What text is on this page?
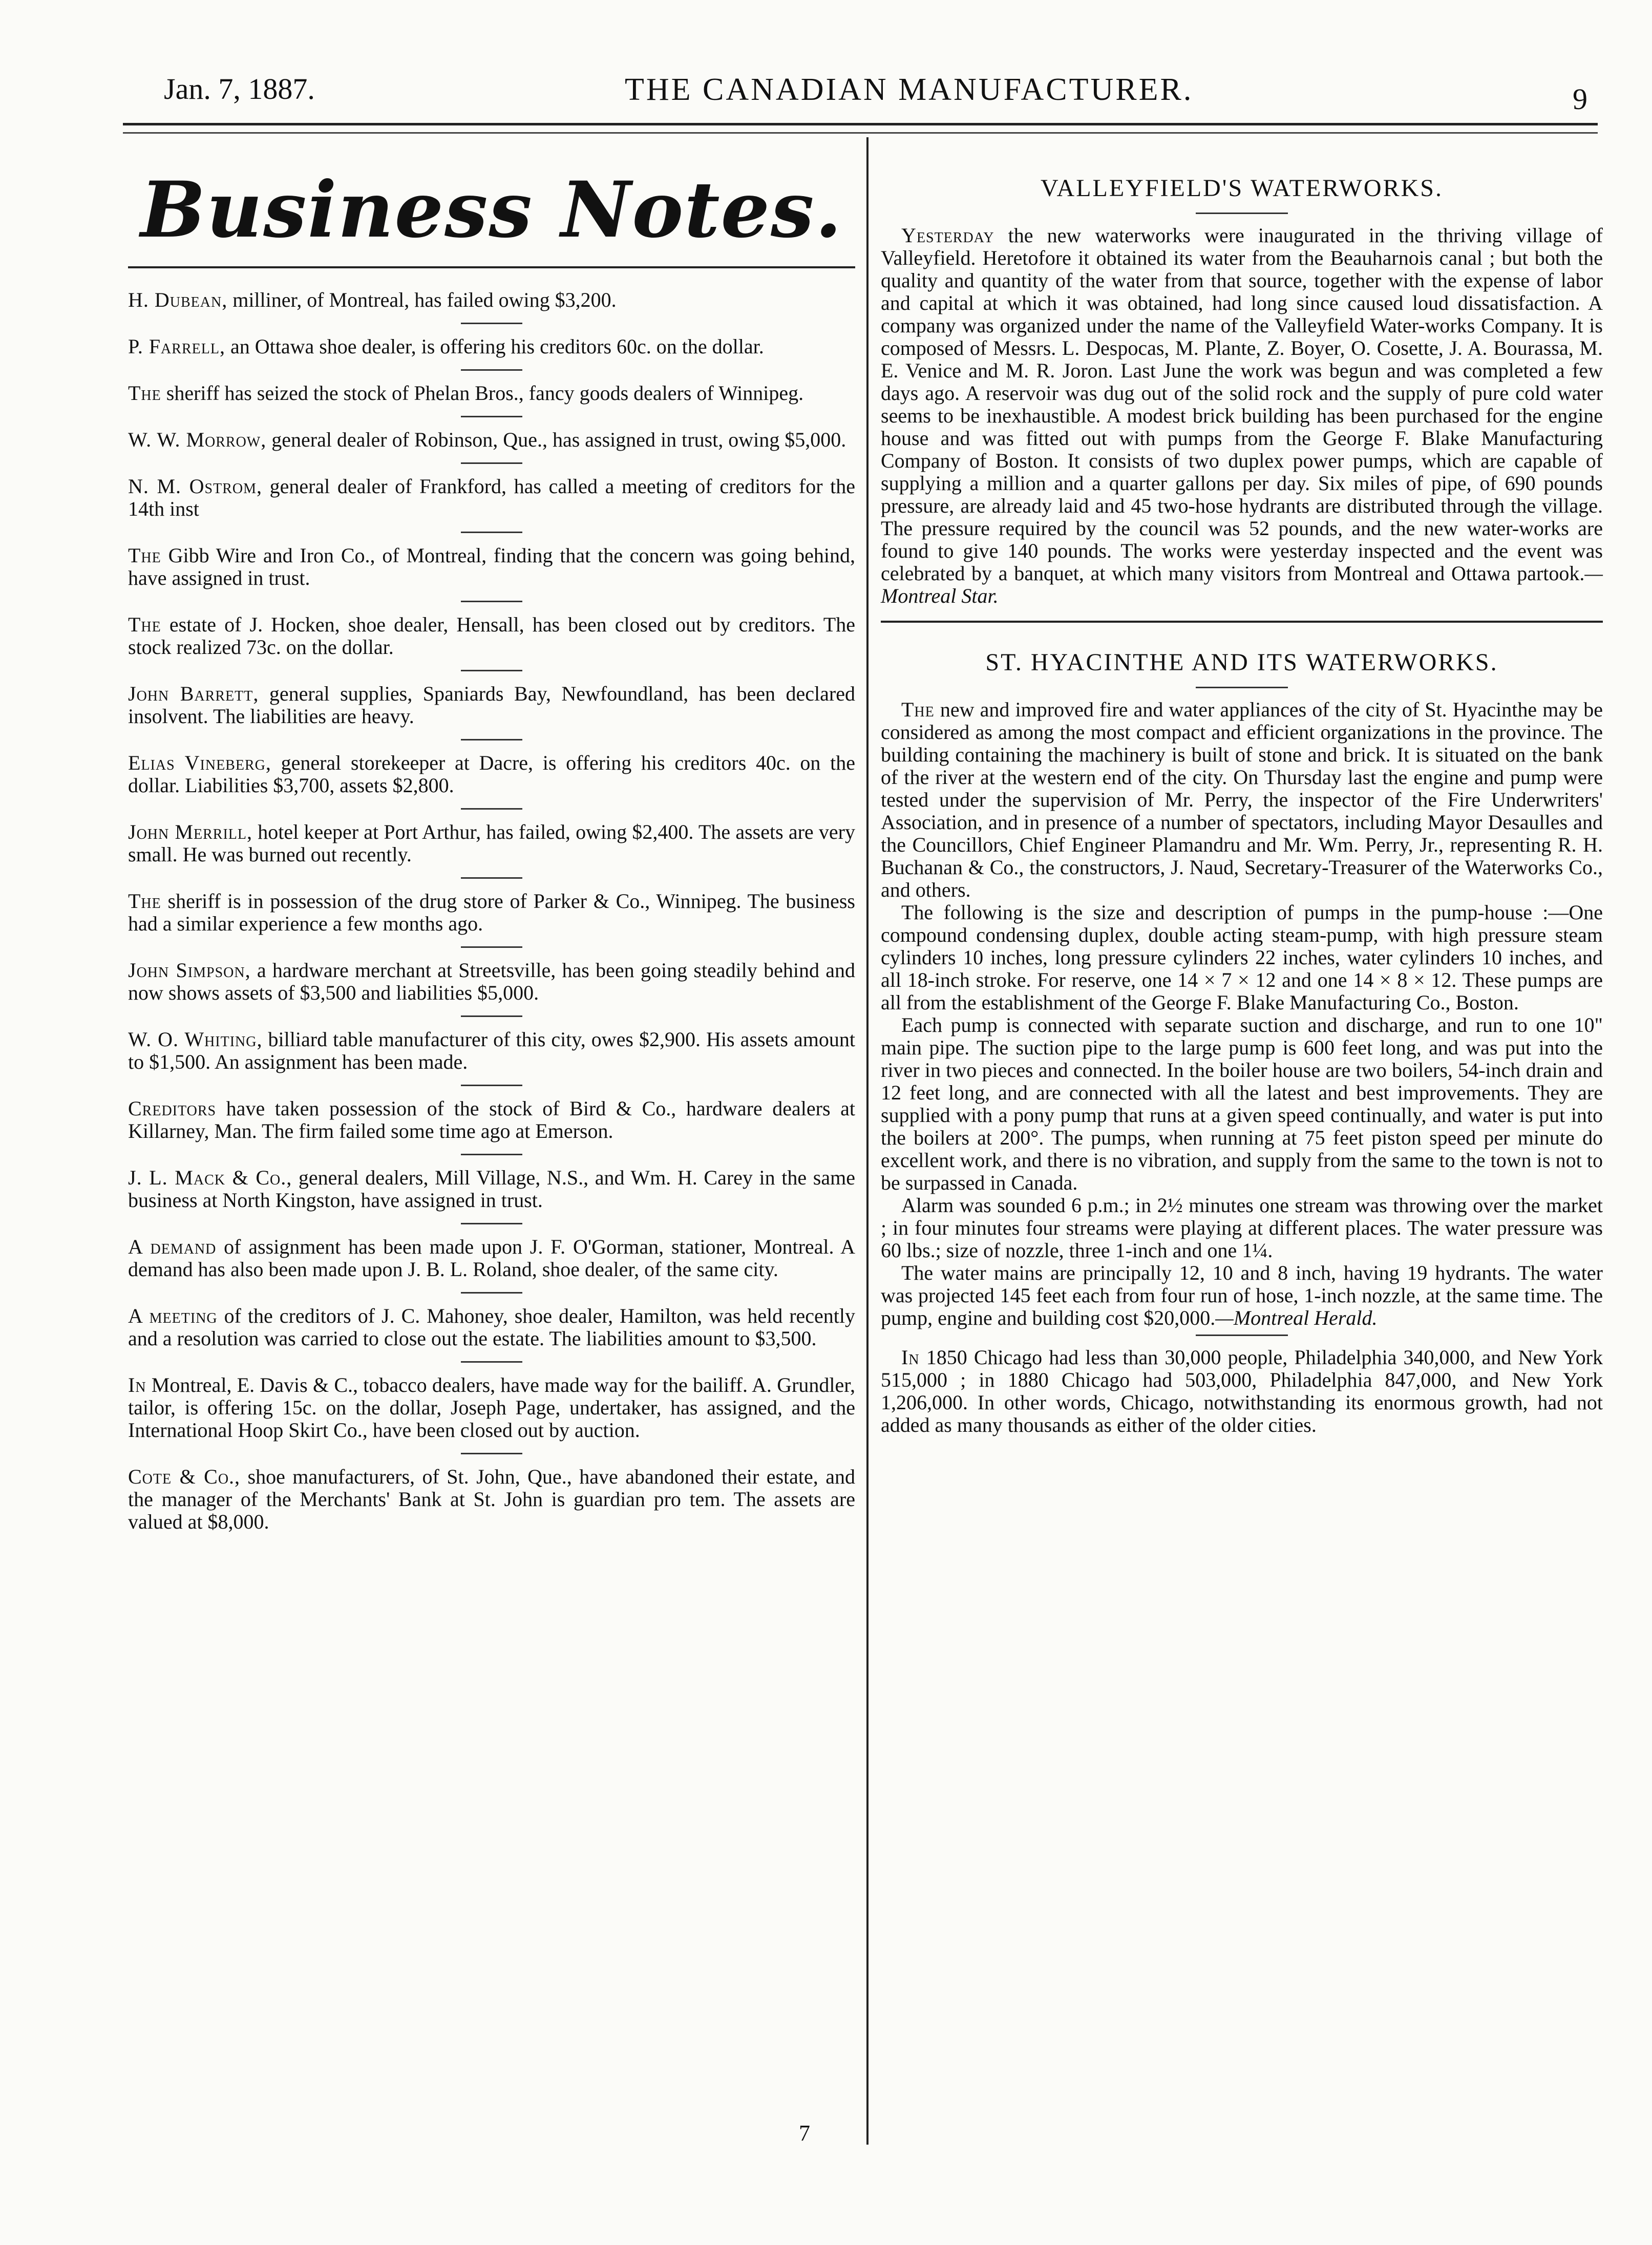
Jan. 7, 1887.	THE CANADIAN MANUFACTURER.	9
Business Notes.

H. Dubean, milliner, of Montreal, has failed owing $3,200.

P. Farrell, an Ottawa shoe dealer, is offering his creditors 60c. on the dollar.

The sheriff has seized the stock of Phelan Bros., fancy goods dealers of Winnipeg.

W. W. Morrow, general dealer of Robinson, Que., has assigned in trust, owing $5,000.

N. M. Ostrom, general dealer of Frankford, has called a meeting of creditors for the 14th inst

The Gibb Wire and Iron Co., of Montreal, finding that the concern was going behind, have assigned in trust.

The estate of J. Hocken, shoe dealer, Hensall, has been closed out by creditors. The stock realized 73c. on the dollar.

John Barrett, general supplies, Spaniards Bay, Newfoundland, has been declared insolvent. The liabilities are heavy.

Elias Vineberg, general storekeeper at Dacre, is offering his creditors 40c. on the dollar. Liabilities $3,700, assets $2,800.

John Merrill, hotel keeper at Port Arthur, has failed, owing $2,400. The assets are very small. He was burned out recently.

The sheriff is in possession of the drug store of Parker & Co., Winnipeg. The business had a similar experience a few months ago.

John Simpson, a hardware merchant at Streetsville, has been going steadily behind and now shows assets of $3,500 and liabilities $5,000.

W. O. Whiting, billiard table manufacturer of this city, owes $2,900. His assets amount to $1,500. An assignment has been made.

Creditors have taken possession of the stock of Bird & Co., hardware dealers at Killarney, Man. The firm failed some time ago at Emerson.

J. L. Mack & Co., general dealers, Mill Village, N.S., and Wm. H. Carey in the same business at North Kingston, have assigned in trust.

A demand of assignment has been made upon J. F. O'Gorman, stationer, Montreal. A demand has also been made upon J. B. L. Roland, shoe dealer, of the same city.

A meeting of the creditors of J. C. Mahoney, shoe dealer, Hamilton, was held recently and a resolution was carried to close out the estate. The liabilities amount to $3,500.

In Montreal, E. Davis & C., tobacco dealers, have made way for the bailiff. A. Grundler, tailor, is offering 15c. on the dollar, Joseph Page, undertaker, has assigned, and the International Hoop Skirt Co., have been closed out by auction.

Cote & Co., shoe manufacturers, of St. John, Que., have abandoned their estate, and the manager of the Merchants' Bank at St. John is guardian pro tem. The assets are valued at $8,000.

VALLEYFIELD'S WATERWORKS.

Yesterday the new waterworks were inaugurated in the thriving village of Valleyfield. Heretofore it obtained its water from the Beauharnois canal ; but both the quality and quantity of the water from that source, together with the expense of labor and capital at which it was obtained, had long since caused loud dissatisfaction. A company was organized under the name of the Valleyfield Water-works Company. It is composed of Messrs. L. Despocas, M. Plante, Z. Boyer, O. Cosette, J. A. Bourassa, M. E. Venice and M. R. Joron. Last June the work was begun and was completed a few days ago. A reservoir was dug out of the solid rock and the supply of pure cold water seems to be inexhaustible. A modest brick building has been purchased for the engine house and was fitted out with pumps from the George F. Blake Manufacturing Company of Boston. It consists of two duplex power pumps, which are capable of supplying a million and a quarter gallons per day. Six miles of pipe, of 690 pounds pressure, are already laid and 45 two-hose hydrants are distributed through the village. The pressure required by the council was 52 pounds, and the new water-works are found to give 140 pounds. The works were yesterday inspected and the event was celebrated by a banquet, at which many visitors from Montreal and Ottawa partook.—Montreal Star.

ST. HYACINTHE AND ITS WATERWORKS.

The new and improved fire and water appliances of the city of St. Hyacinthe may be considered as among the most compact and efficient organizations in the province. The building containing the machinery is built of stone and brick. It is situated on the bank of the river at the western end of the city. On Thursday last the engine and pump were tested under the supervision of Mr. Perry, the inspector of the Fire Underwriters' Association, and in presence of a number of spectators, including Mayor Desaulles and the Councillors, Chief Engineer Plamandru and Mr. Wm. Perry, Jr., representing R. H. Buchanan & Co., the constructors, J. Naud, Secretary-Treasurer of the Waterworks Co., and others.

The following is the size and description of pumps in the pump-house :—One compound condensing duplex, double acting steam-pump, with high pressure steam cylinders 10 inches, long pressure cylinders 22 inches, water cylinders 10 inches, and all 18-inch stroke. For reserve, one 14 × 7 × 12 and one 14 × 8 × 12. These pumps are all from the establishment of the George F. Blake Manufacturing Co., Boston.

Each pump is connected with separate suction and discharge, and run to one 10" main pipe. The suction pipe to the large pump is 600 feet long, and was put into the river in two pieces and connected. In the boiler house are two boilers, 54-inch drain and 12 feet long, and are connected with all the latest and best improvements. They are supplied with a pony pump that runs at a given speed continually, and water is put into the boilers at 200°. The pumps, when running at 75 feet piston speed per minute do excellent work, and there is no vibration, and supply from the same to the town is not to be surpassed in Canada.

Alarm was sounded 6 p.m.; in 2½ minutes one stream was throwing over the market ; in four minutes four streams were playing at different places. The water pressure was 60 lbs.; size of nozzle, three 1-inch and one 1¼.

The water mains are principally 12, 10 and 8 inch, having 19 hydrants. The water was projected 145 feet each from four run of hose, 1-inch nozzle, at the same time. The pump, engine and building cost $20,000.—Montreal Herald.

In 1850 Chicago had less than 30,000 people, Philadelphia 340,000, and New York 515,000 ; in 1880 Chicago had 503,000, Philadelphia 847,000, and New York 1,206,000. In other words, Chicago, notwithstanding its enormous growth, had not added as many thousands as either of the older cities.

7
